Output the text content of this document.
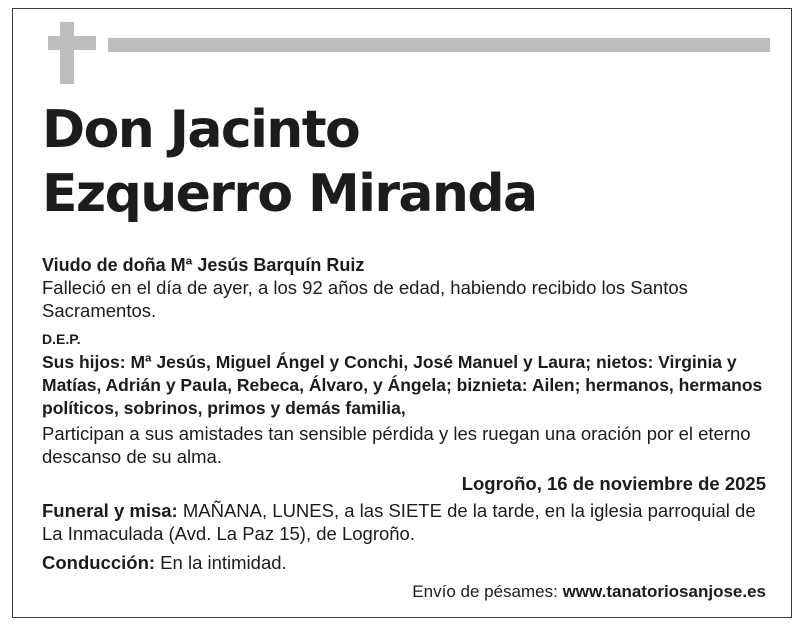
Don Jacinto
Ezquerro Miranda

Viudo de doña Mª Jesús Barquín Ruiz

Falleció en el día de ayer, a los 92 años de edad, habiendo recibido los Santos Sacramentos.

D.E.P.

Sus hijos: Mª Jesús, Miguel Ángel y Conchi, José Manuel y Laura; nietos: Virginia y Matías, Adrián y Paula, Rebeca, Álvaro, y Ángela; biznieta: Ailen; hermanos, hermanos políticos, sobrinos, primos y demás familia,

Participan a sus amistades tan sensible pérdida y les ruegan una oración por el eterno descanso de su alma.

Logroño, 16 de noviembre de 2025

Funeral y misa: MAÑANA, LUNES, a las SIETE de la tarde, en la iglesia parroquial de La Inmaculada (Avd. La Paz 15), de Logroño.

Conducción: En la intimidad.

Envío de pésames: www.tanatoriosanjose.es
